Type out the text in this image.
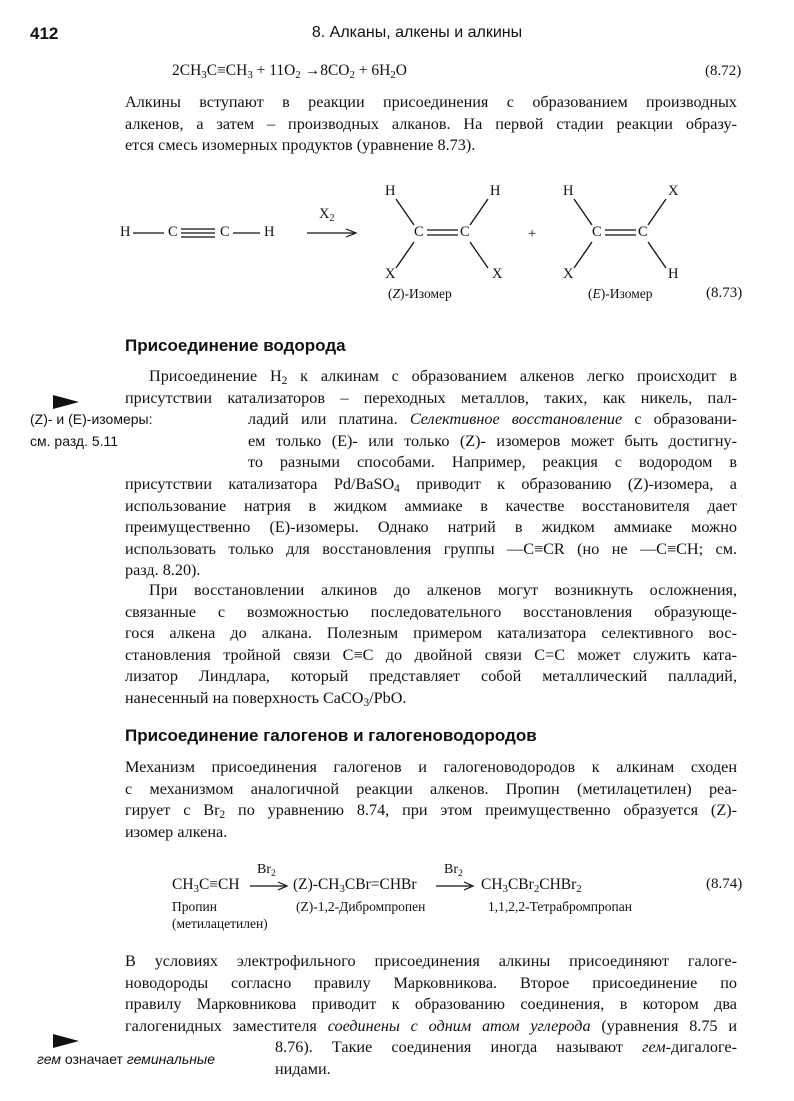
412	8. Алканы, алкены и алкины
$2CH_3C\equiv CH_3 + 11O_2 \to 8CO_2 + 6H_2O$	(8.72)
Алкины вступают в реакции присоединения с образованием производных
алкенов, а затем – производных алканов. На первой стадии реакции образу-
ется смесь изомерных продуктов (уравнение 8.73).
H	C	C H
$X_2$
H	H
C	C
X	X
(Z)-Изомер
+
H	X
C	C
X	H
(E)-Изомер	(8.73)
Присоединение водорода
(Z)- и (E)-изомеры:
см. разд. 5.11
Присоединение $H_2$ к алкинам с образованием алкенов легко происходит в
присутствии катализаторов – переходных металлов, таких, как никель, пал-
ладий или платина. Селективное восстановление с образовани-
ем только (E)- или только (Z)- изомеров может быть достигну-
то разными способами. Например, реакция с водородом в
присутствии катализатора Pd/BaSO$_4$ приводит к образованию (Z)-изомера, а
использование натрия в жидком аммиаке в качестве восстановителя дает
преимущественно (E)-изомеры. Однако натрий в жидком аммиаке можно
использовать только для восстановления группы —C≡CR (но не —C≡CH; см.
разд. 8.20).
При восстановлении алкинов до алкенов могут возникнуть осложнения,
связанные с возможностью последовательного восстановления образующе-
гося алкена до алкана. Полезным примером катализатора селективного вос-
становления тройной связи C≡C до двойной связи C=C может служить ката-
лизатор Линдлара, который представляет собой металлический палладий,
нанесенный на поверхность CaCO$_3$/PbO.
Присоединение галогенов и галогеноводородов
Механизм присоединения галогенов и галогеноводородов к алкинам сходен
с механизмом аналогичной реакции алкенов. Пропин (метилацетилен) реа-
гирует с $Br_2$ по уравнению 8.74, при этом преимущественно образуется (Z)-
изомер алкена.
$CH_3C\equiv CH$
$Br_2$
→ $(Z)-CH_3CBr=CHBr$
$Br_2$
→ $CH_3CBr_2CHBr_2$	(8.74)
Пропин
(метилацетилен)
(Z)-1,2-Дибромпропен	1,1,2,2-Тетрабромпропан
В условиях электрофильного присоединения алкины присоединяют галоге-
новодороды согласно правилу Марковникова. Второе присоединение по
правилу Марковникова приводит к образованию соединения, в котором два
галогенидных заместителя соединены с одним атом углерода (уравнения 8.75 и
8.76). Такие соединения иногда называют гем-дигалоге-
нидами.
гем означает геминальные
